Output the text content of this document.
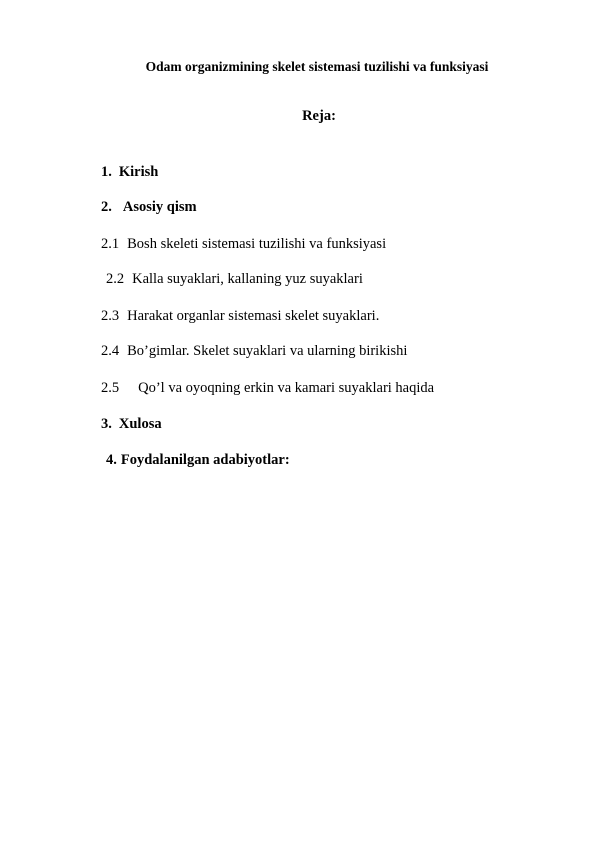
Odam organizmining skelet sistemasi tuzilishi va funksiyasi
Reja:
1. Kirish
2. Asosiy qism
2.1 Bosh skeleti sistemasi tuzilishi va funksiyasi
2.2 Kalla suyaklari, kallaning yuz suyaklari
2.3 Harakat organlar sistemasi skelet suyaklari.
2.4 Bo’gimlar. Skelet suyaklari va ularning birikishi
2.5 Qo’l va oyoqning erkin va kamari suyaklari haqida
3. Xulosa
4. Foydalanilgan adabiyotlar:
